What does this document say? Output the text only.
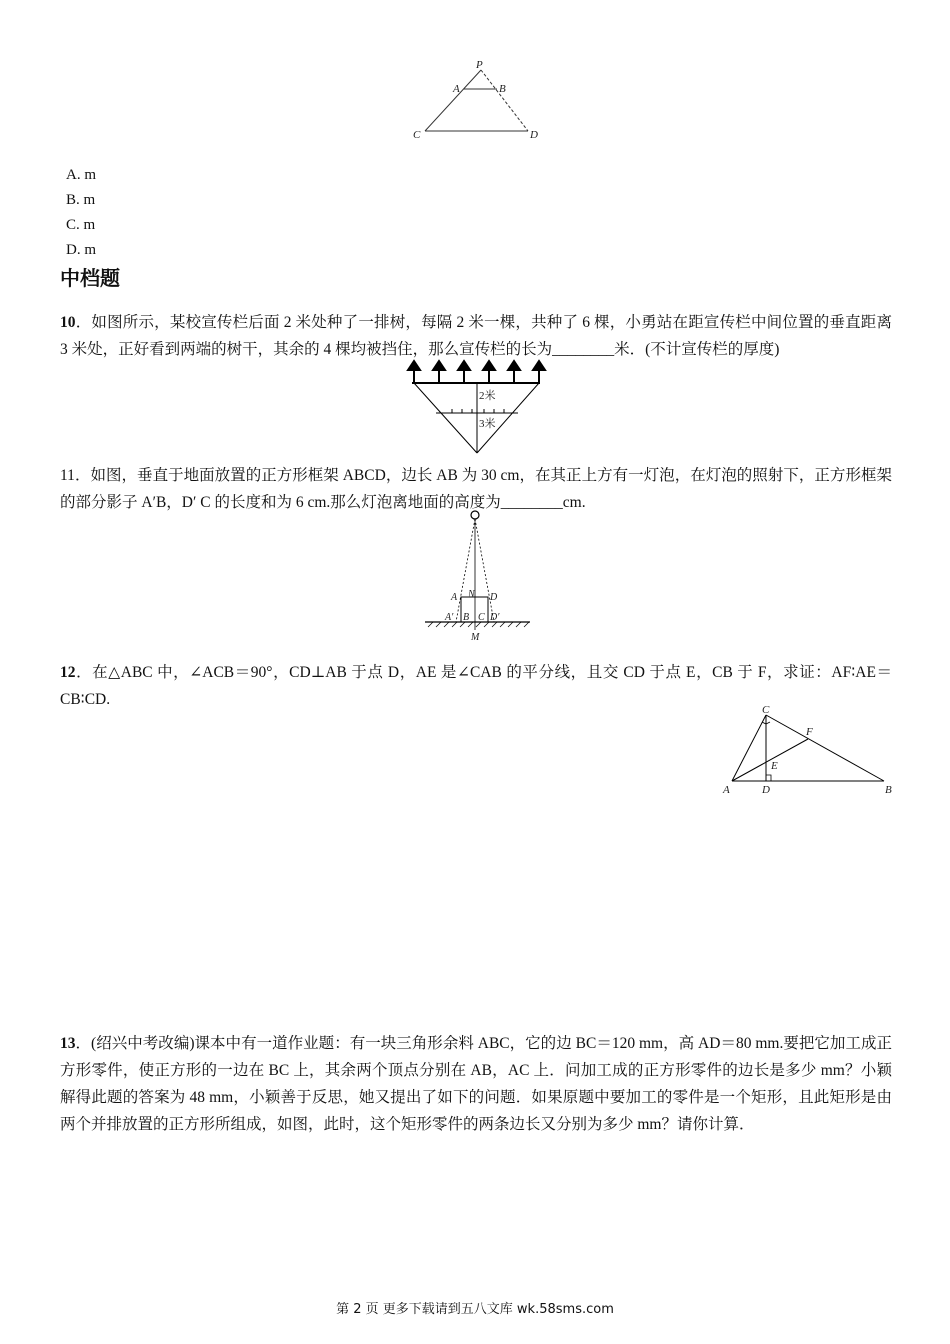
P
A	B
C	D
A. m
B. m
C. m
D. m
中档题
10．如图所示，某校宣传栏后面 2 米处种了一排树，每隔 2 米一棵，共种了 6 棵，小勇站在距宣传栏中间位置的垂直距离 3 米处，正好看到两端的树干，其余的 4 棵均被挡住，那么宣传栏的长为________米．(不计宣传栏的厚度)
2米
3米
11．如图，垂直于地面放置的正方形框架 ABCD，边长 AB 为 30 cm，在其正上方有一灯泡，在灯泡的照射下，正方形框架的部分影子 A′B，D′ C 的长度和为 6 cm.那么灯泡离地面的高度为________cm.
A N D
A′ B C D′
M
12．在△ABC 中，∠ACB＝90°，CD⊥AB 于点 D，AE 是∠CAB 的平分线，且交 CD 于点 E，CB 于 F，求证：AF∶AE＝CB∶CD.
C
F
E
A	D	B
13．(绍兴中考改编)课本中有一道作业题：有一块三角形余料 ABC，它的边 BC＝120 mm，高 AD＝80 mm.要把它加工成正方形零件，使正方形的一边在 BC 上，其余两个顶点分别在 AB，AC 上．问加工成的正方形零件的边长是多少 mm？小颖解得此题的答案为 48 mm，小颖善于反思，她又提出了如下的问题．如果原题中要加工的零件是一个矩形，且此矩形是由两个并排放置的正方形所组成，如图，此时，这个矩形零件的两条边长又分别为多少 mm？请你计算．
第 2 页 更多下载请到五八文库 wk.58sms.com
